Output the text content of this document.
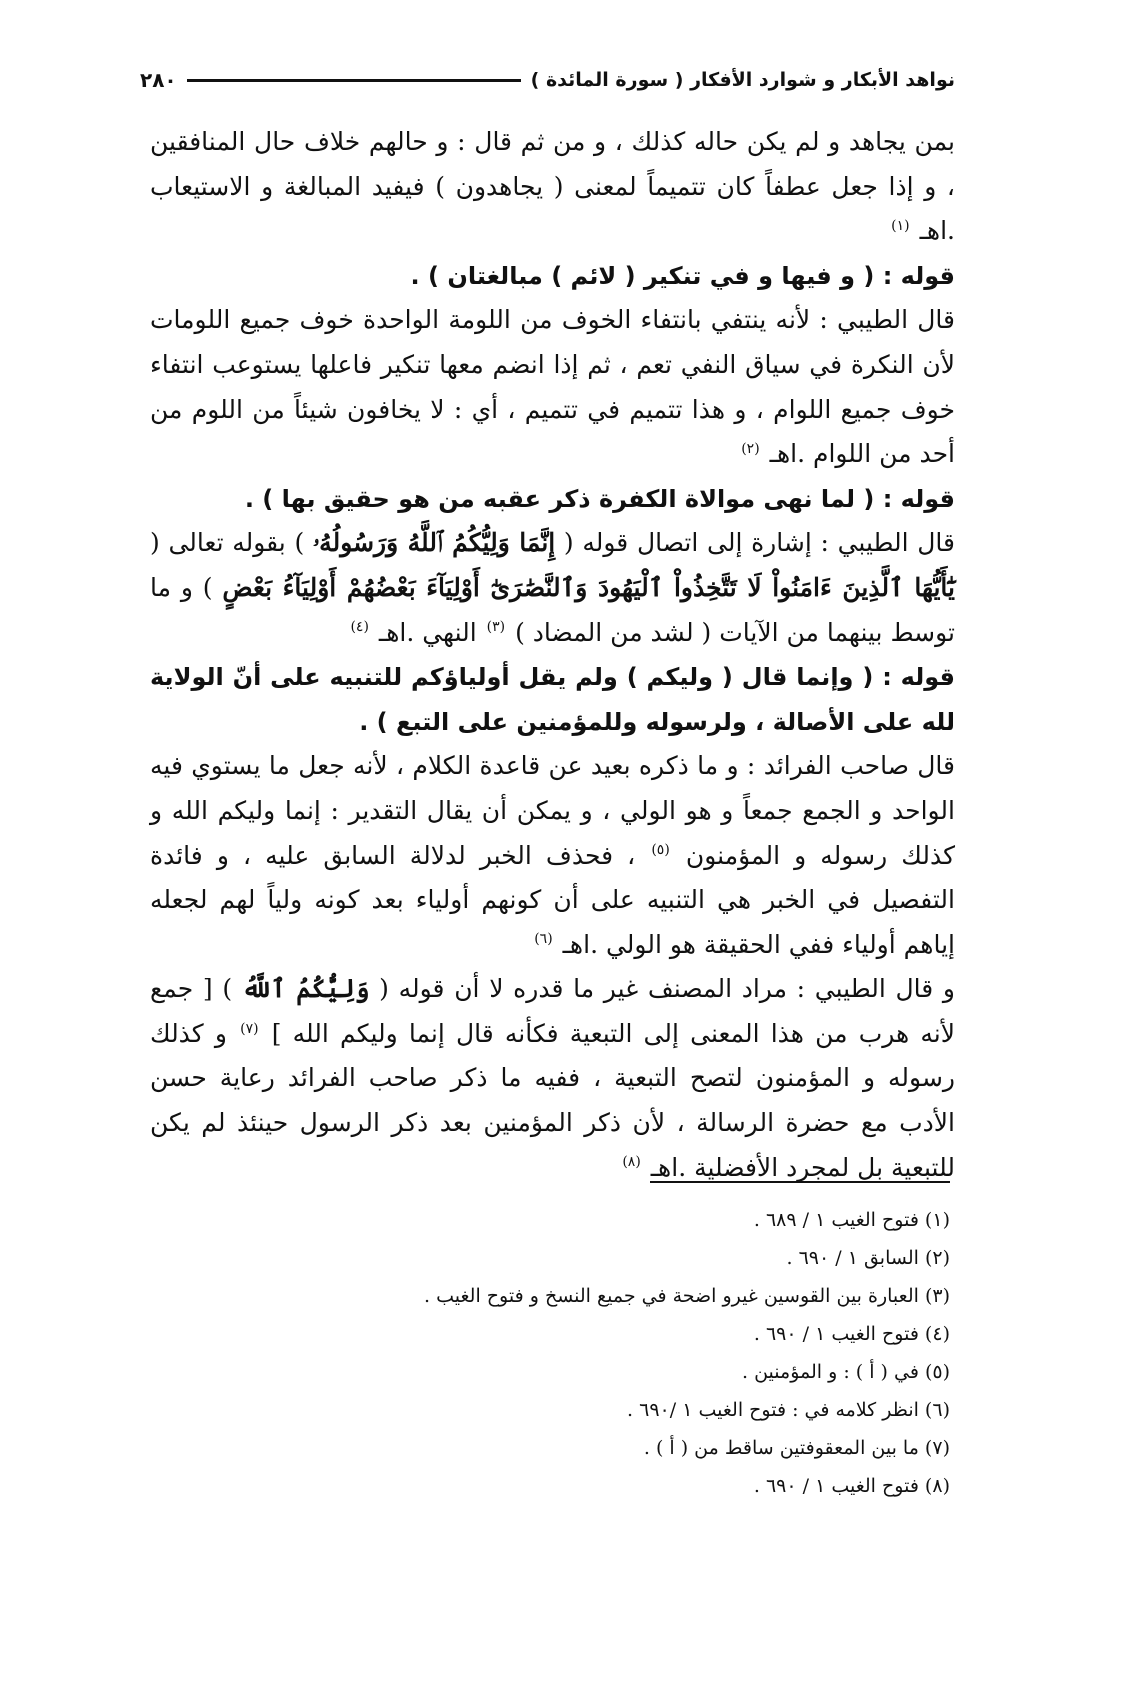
نواهد الأبكار و شوارد الأفكار ( سورة المائدة )
٢٨٠

بمن يجاهد و لم يكن حاله كذلك ، و من ثم قال : و حالهم خلاف حال المنافقين ، و إذا جعل عطفاً كان تتميماً لمعنى ( يجاهدون ) فيفيد المبالغة و الاستيعاب .اهـ $^{(١)}$

قوله : ( و فيها و في تنكير ( لائم ) مبالغتان ) .

قال الطيبي : لأنه ينتفي بانتفاء الخوف من اللومة الواحدة خوف جميع اللومات لأن النكرة في سياق النفي تعم ، ثم إذا انضم معها تنكير فاعلها يستوعب انتفاء خوف جميع اللوام ، و هذا تتميم في تتميم ، أي : لا يخافون شيئاً من اللوم من أحد من اللوام .اهـ $^{(٢)}$

قوله : ( لما نهى موالاة الكفرة ذكر عقبه من هو حقيق بها ) .

قال الطيبي : إشارة إلى اتصال قوله ( إِنَّمَا وَلِيُّكُمُ ٱللَّهُ وَرَسُولُهُۥ ) بقوله تعالى ( يَٰٓأَيُّهَا ٱلَّذِينَ ءَامَنُواْ لَا تَتَّخِذُواْ ٱلْيَهُودَ وَٱلنَّصَٰرَىٰٓ أَوْلِيَآءَ بَعْضُهُمْ أَوْلِيَآءُ بَعْضٍ ) و ما توسط بينهما من الآيات ( لشد من المضاد ) $^{(٣)}$ النهي .اهـ $^{(٤)}$

قوله : ( وإنما قال ( وليكم ) ولم يقل أولياؤكم للتنبيه على أنّ الولاية لله على الأصالة ، ولرسوله وللمؤمنين على التبع ) .

قال صاحب الفرائد : و ما ذكره بعيد عن قاعدة الكلام ، لأنه جعل ما يستوي فيه الواحد و الجمع جمعاً و هو الولي ، و يمكن أن يقال التقدير : إنما وليكم الله و كذلك رسوله و المؤمنون $^{(٥)}$ ، فحذف الخبر لدلالة السابق عليه ، و فائدة التفصيل في الخبر هي التنبيه على أن كونهم أولياء بعد كونه ولياً لهم لجعله إياهم أولياء ففي الحقيقة هو الولي .اهـ $^{(٦)}$

و قال الطيبي : مراد المصنف غير ما قدره لا أن قوله ( وَلِيُّكُمُ ٱللَّهُ ) [ جمع لأنه هرب من هذا المعنى إلى التبعية فكأنه قال إنما وليكم الله ] $^{(٧)}$ و كذلك رسوله و المؤمنون لتصح التبعية ، ففيه ما ذكر صاحب الفرائد رعاية حسن الأدب مع حضرة الرسالة ، لأن ذكر المؤمنين بعد ذكر الرسول حينئذ لم يكن للتبعية بل لمجرد الأفضلية .اهـ $^{(٨)}$

(١) فتوح الغيب ١ / ٦٨٩ .
(٢) السابق ١ / ٦٩٠ .
(٣) العبارة بين القوسين غيرو اضحة في جميع النسخ و فتوح الغيب .
(٤) فتوح الغيب ١ / ٦٩٠ .
(٥) في ( أ ) : و المؤمنين .
(٦) انظر كلامه في : فتوح الغيب ١ /٦٩٠ .
(٧) ما بين المعقوفتين ساقط من ( أ ) .
(٨) فتوح الغيب ١ / ٦٩٠ .
